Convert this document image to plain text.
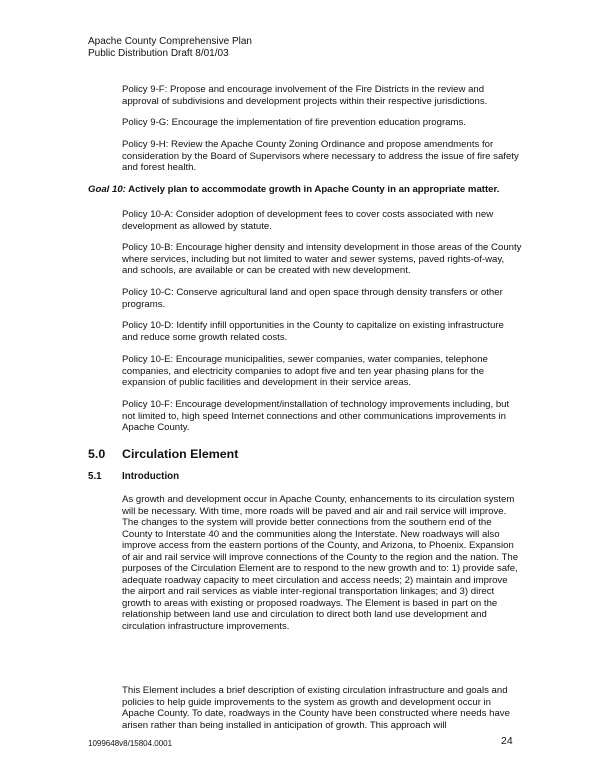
Apache County Comprehensive Plan
Public Distribution Draft 8/01/03
Policy 9-F: Propose and encourage involvement of the Fire Districts in the review and approval of subdivisions and development projects within their respective jurisdictions.
Policy 9-G: Encourage the implementation of fire prevention education programs.
Policy 9-H: Review the Apache County Zoning Ordinance and propose amendments for consideration by the Board of Supervisors where necessary to address the issue of fire safety and forest health.
Goal 10: Actively plan to accommodate growth in Apache County in an appropriate matter.
Policy 10-A: Consider adoption of development fees to cover costs associated with new development as allowed by statute.
Policy 10-B: Encourage higher density and intensity development in those areas of the County where services, including but not limited to water and sewer systems, paved rights-of-way, and schools, are available or can be created with new development.
Policy 10-C: Conserve agricultural land and open space through density transfers or other programs.
Policy 10-D: Identify infill opportunities in the County to capitalize on existing infrastructure and reduce some growth related costs.
Policy 10-E: Encourage municipalities, sewer companies, water companies, telephone companies, and electricity companies to adopt five and ten year phasing plans for the expansion of public facilities and development in their service areas.
Policy 10-F: Encourage development/installation of technology improvements including, but not limited to, high speed Internet connections and other communications improvements in Apache County.
5.0 Circulation Element
5.1 Introduction
As growth and development occur in Apache County, enhancements to its circulation system will be necessary. With time, more roads will be paved and air and rail service will improve. The changes to the system will provide better connections from the southern end of the County to Interstate 40 and the communities along the Interstate. New roadways will also improve access from the eastern portions of the County, and Arizona, to Phoenix. Expansion of air and rail service will improve connections of the County to the region and the nation. The purposes of the Circulation Element are to respond to the new growth and to: 1) provide safe, adequate roadway capacity to meet circulation and access needs; 2) maintain and improve the airport and rail services as viable inter-regional transportation linkages; and 3) direct growth to areas with existing or proposed roadways. The Element is based in part on the relationship between land use and circulation to direct both land use development and circulation infrastructure improvements.
This Element includes a brief description of existing circulation infrastructure and goals and policies to help guide improvements to the system as growth and development occur in Apache County. To date, roadways in the County have been constructed where needs have arisen rather than being installed in anticipation of growth. This approach will
1099648v8/15804.0001	24
